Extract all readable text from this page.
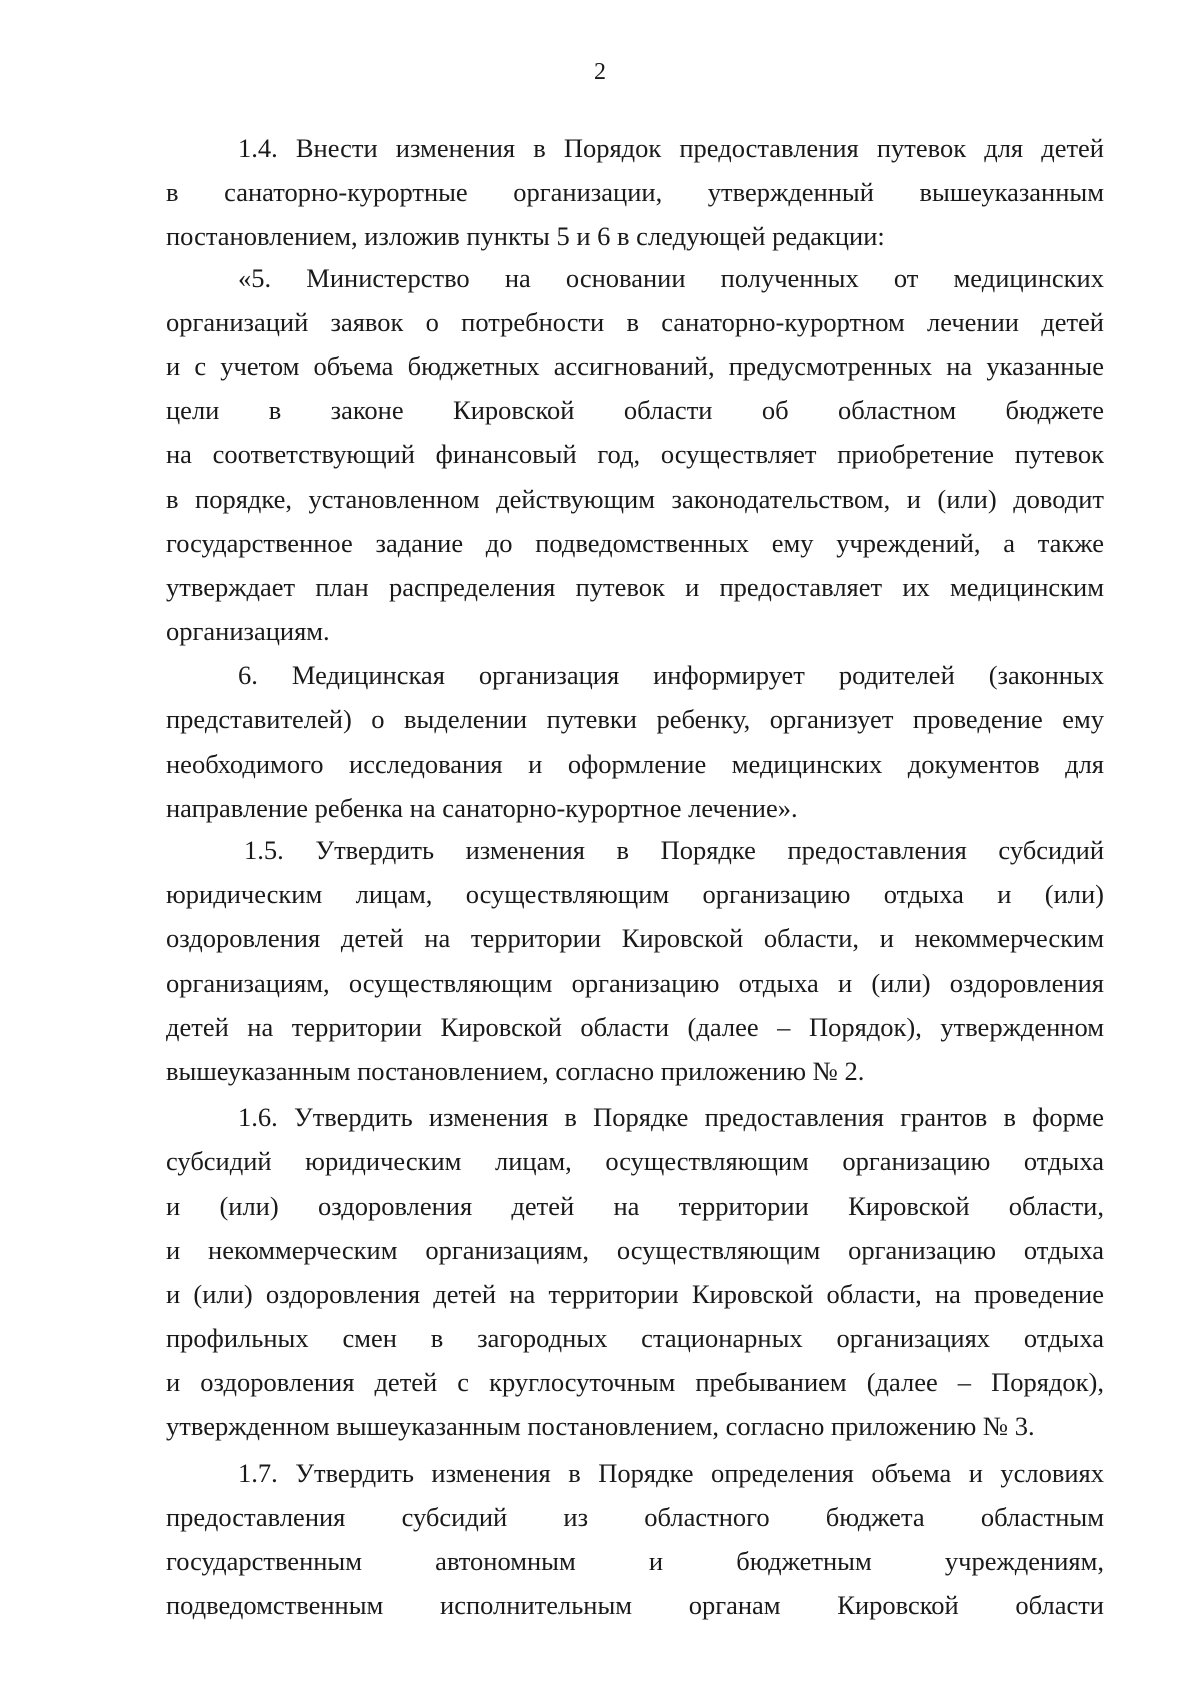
2
1.4. Внести изменения в Порядок предоставления путевок для детей
в санаторно-курортные организации, утвержденный вышеуказанным
постановлением, изложив пункты 5 и 6 в следующей редакции:
«5. Министерство на основании полученных от медицинских
организаций заявок о потребности в санаторно-курортном лечении детей
и с учетом объема бюджетных ассигнований, предусмотренных на указанные
цели в законе Кировской области об областном бюджете
на соответствующий финансовый год, осуществляет приобретение путевок
в порядке, установленном действующим законодательством, и (или) доводит
государственное задание до подведомственных ему учреждений, а также
утверждает план распределения путевок и предоставляет их медицинским
организациям.
6. Медицинская организация информирует родителей (законных
представителей) о выделении путевки ребенку, организует проведение ему
необходимого исследования и оформление медицинских документов для
направление ребенка на санаторно-курортное лечение».
1.5. Утвердить изменения в Порядке предоставления субсидий
юридическим лицам, осуществляющим организацию отдыха и (или)
оздоровления детей на территории Кировской области, и некоммерческим
организациям, осуществляющим организацию отдыха и (или) оздоровления
детей на территории Кировской области (далее – Порядок), утвержденном
вышеуказанным постановлением, согласно приложению № 2.
1.6. Утвердить изменения в Порядке предоставления грантов в форме
субсидий юридическим лицам, осуществляющим организацию отдыха
и (или) оздоровления детей на территории Кировской области,
и некоммерческим организациям, осуществляющим организацию отдыха
и (или) оздоровления детей на территории Кировской области, на проведение
профильных смен в загородных стационарных организациях отдыха
и оздоровления детей с круглосуточным пребыванием (далее – Порядок),
утвержденном вышеуказанным постановлением, согласно приложению № 3.
1.7. Утвердить изменения в Порядке определения объема и условиях
предоставления субсидий из областного бюджета областным
государственным автономным и бюджетным учреждениям,
подведомственным исполнительным органам Кировской области
